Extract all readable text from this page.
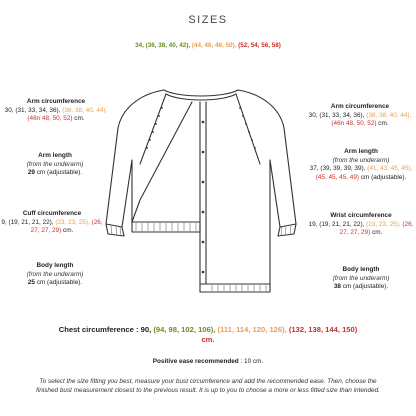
SIZES
34, (36, 38, 40, 42), (44, 46, 48, 50), (52, 54, 56, 58)
Arm circumference
30, (31, 33, 34, 36), (38, 38, 40, 44),
(46n 48, 50, 52) cm.
Arm length
(from the underarm)
29 cm (adjustable).
Cuff circumference
9, (19, 21, 21, 22), (23, 23, 25), (26, 27, 27, 29) cm.
Body length
(from the underarm)
25 cm (adjustable).
Arm circumference
30, (31, 33, 34, 36), (38, 38, 40, 44), (46n 48, 50, 52) cm.
Arm length
(from the underarm)
37, (39, 39, 39, 39), (41, 43, 45, 45), (45, 45, 45, 49) cm (adjustable).
Wrist circumference
19, (19, 21, 21, 22), (23, 23, 25), (26, 27, 27, 29) cm.
Body length
(from the underarm)
38 cm (adjustable).
Chest circumference : 90, (94, 98, 102, 106), (111, 114, 120, 126), (132, 138, 144, 150)
cm.
Positive ease recommended : 10 cm.
To select the size fitting you best, measure your bust circumference and add the recommended ease. Then, choose the finished bust measurement closest to the previous result. It is up to you to choose a more or less fitted size than intended.
